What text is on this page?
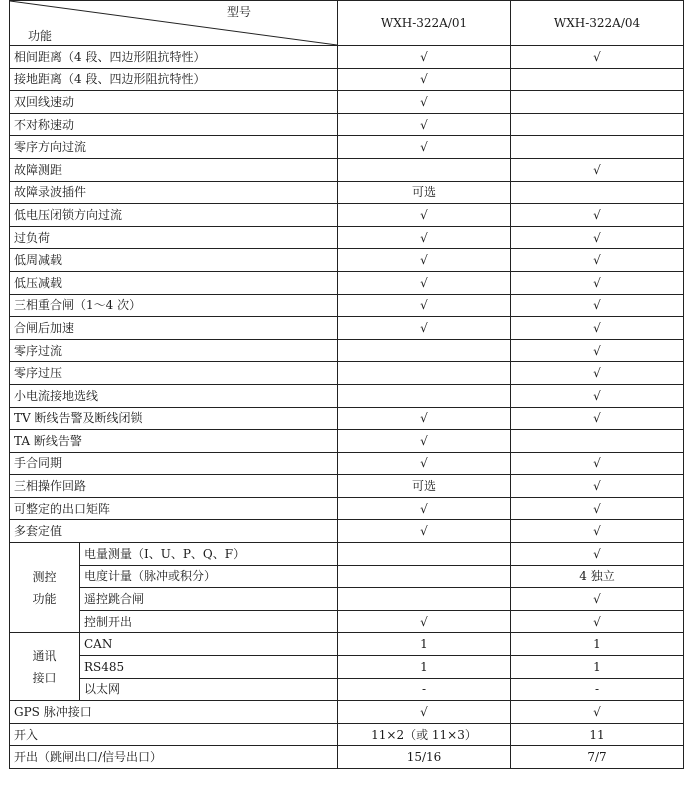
型号
功能		WXH-322A/01	WXH-322A/04
相间距离（4 段、四边形阻抗特性）		√	√
接地距离（4 段、四边形阻抗特性）		√	
双回线速动		√	
不对称速动		√	
零序方向过流		√	
故障测距			√
故障录波插件		可选	
低电压闭锁方向过流		√	√
过负荷		√	√
低周减载		√	√
低压减载		√	√
三相重合闸（1～4 次）		√	√
合闸后加速		√	√
零序过流			√
零序过压			√
小电流接地选线			√
TV 断线告警及断线闭锁		√	√
TA 断线告警		√	
手合同期		√	√
三相操作回路		可选	√
可整定的出口矩阵		√	√
多套定值		√	√
测控
功能	电量测量（I、U、P、Q、F）		√
	电度计量（脉冲或积分）		4 独立
	遥控跳合闸		√
	控制开出	√	√
通讯
接口	CAN	1	1
	RS485	1	1
	以太网	-	-
GPS 脉冲接口		√	√
开入		11×2（或 11×3）	11
开出（跳闸出口/信号出口）		15/16	7/7
